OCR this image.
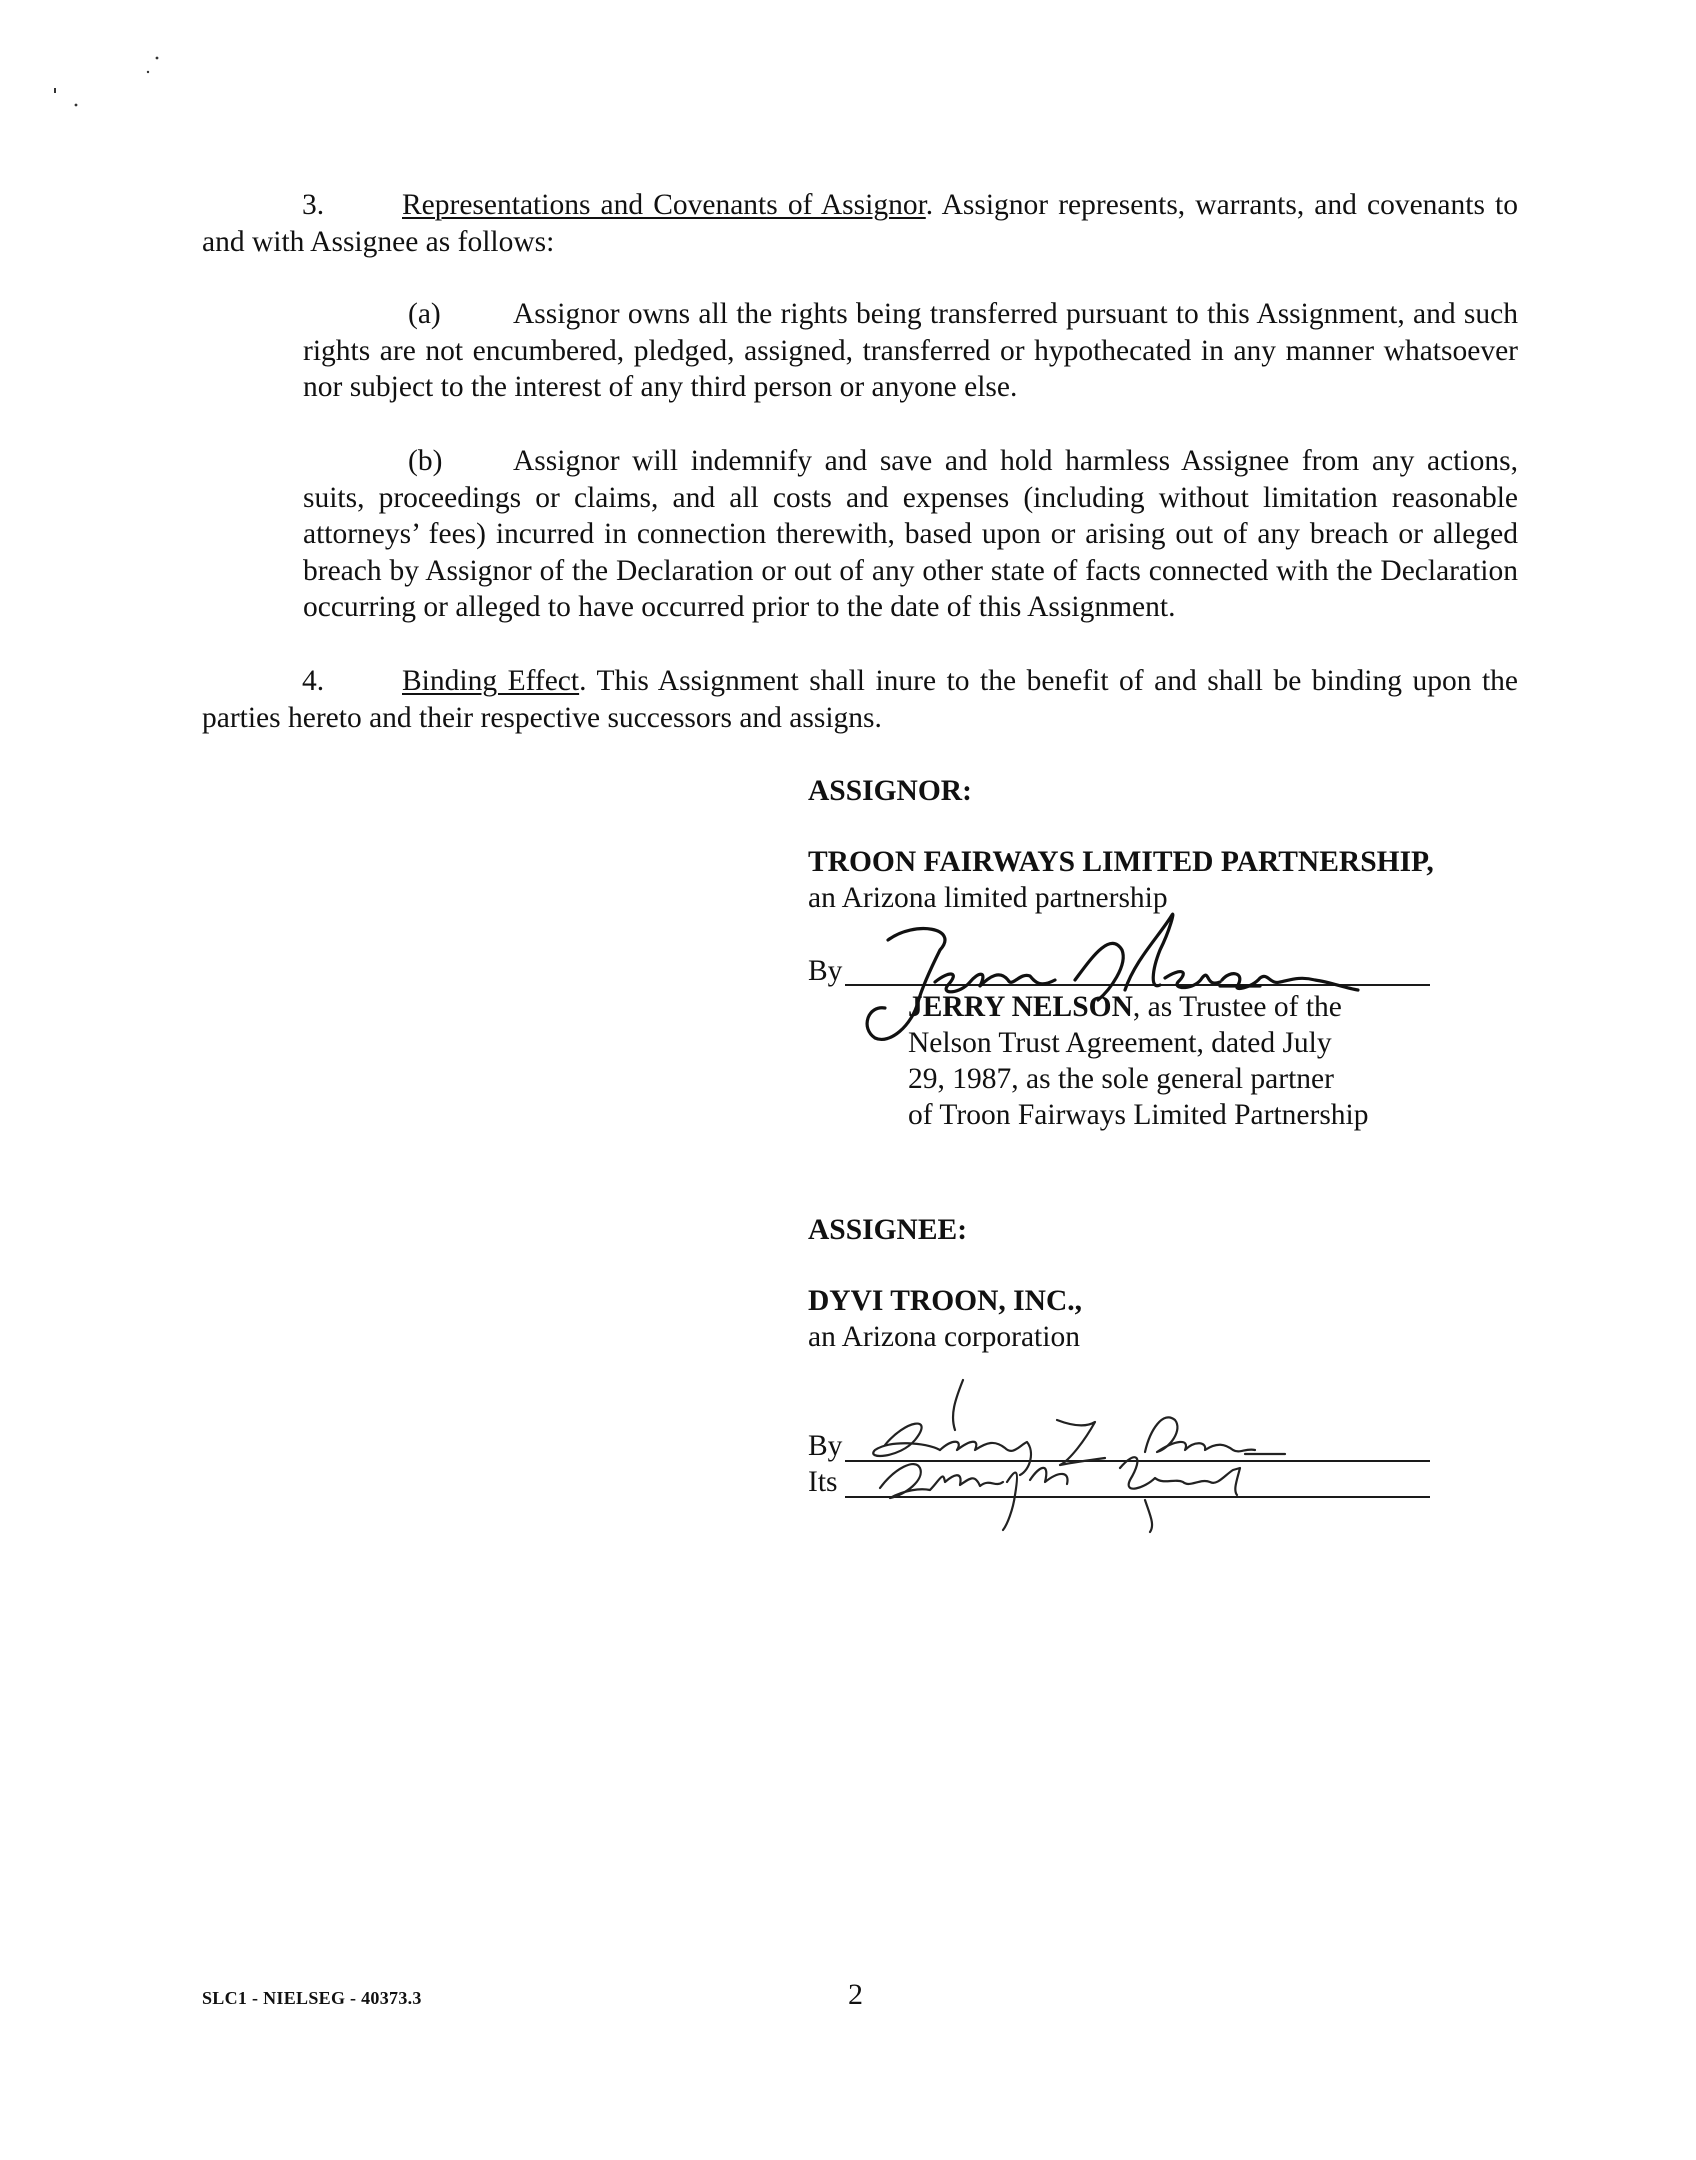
3.	Representations and Covenants of Assignor. Assignor represents, warrants, and covenants to and with Assignee as follows:

(a) Assignor owns all the rights being transferred pursuant to this Assignment, and such rights are not encumbered, pledged, assigned, transferred or hypothecated in any manner whatsoever nor subject to the interest of any third person or anyone else.

(b) Assignor will indemnify and save and hold harmless Assignee from any actions, suits, proceedings or claims, and all costs and expenses (including without limitation reasonable attorneys’ fees) incurred in connection therewith, based upon or arising out of any breach or alleged breach by Assignor of the Declaration or out of any other state of facts connected with the Declaration occurring or alleged to have occurred prior to the date of this Assignment.

4.	Binding Effect. This Assignment shall inure to the benefit of and shall be binding upon the parties hereto and their respective successors and assigns.

ASSIGNOR:

TROON FAIRWAYS LIMITED PARTNERSHIP,

an Arizona limited partnership

By

JERRY NELSON, as Trustee of the

Nelson Trust Agreement, dated July

29, 1987, as the sole general partner

of Troon Fairways Limited Partnership

ASSIGNEE:

DYVI TROON, INC.,

an Arizona corporation

By

Its

SLC1 - NIELSEG - 40373.3	2
